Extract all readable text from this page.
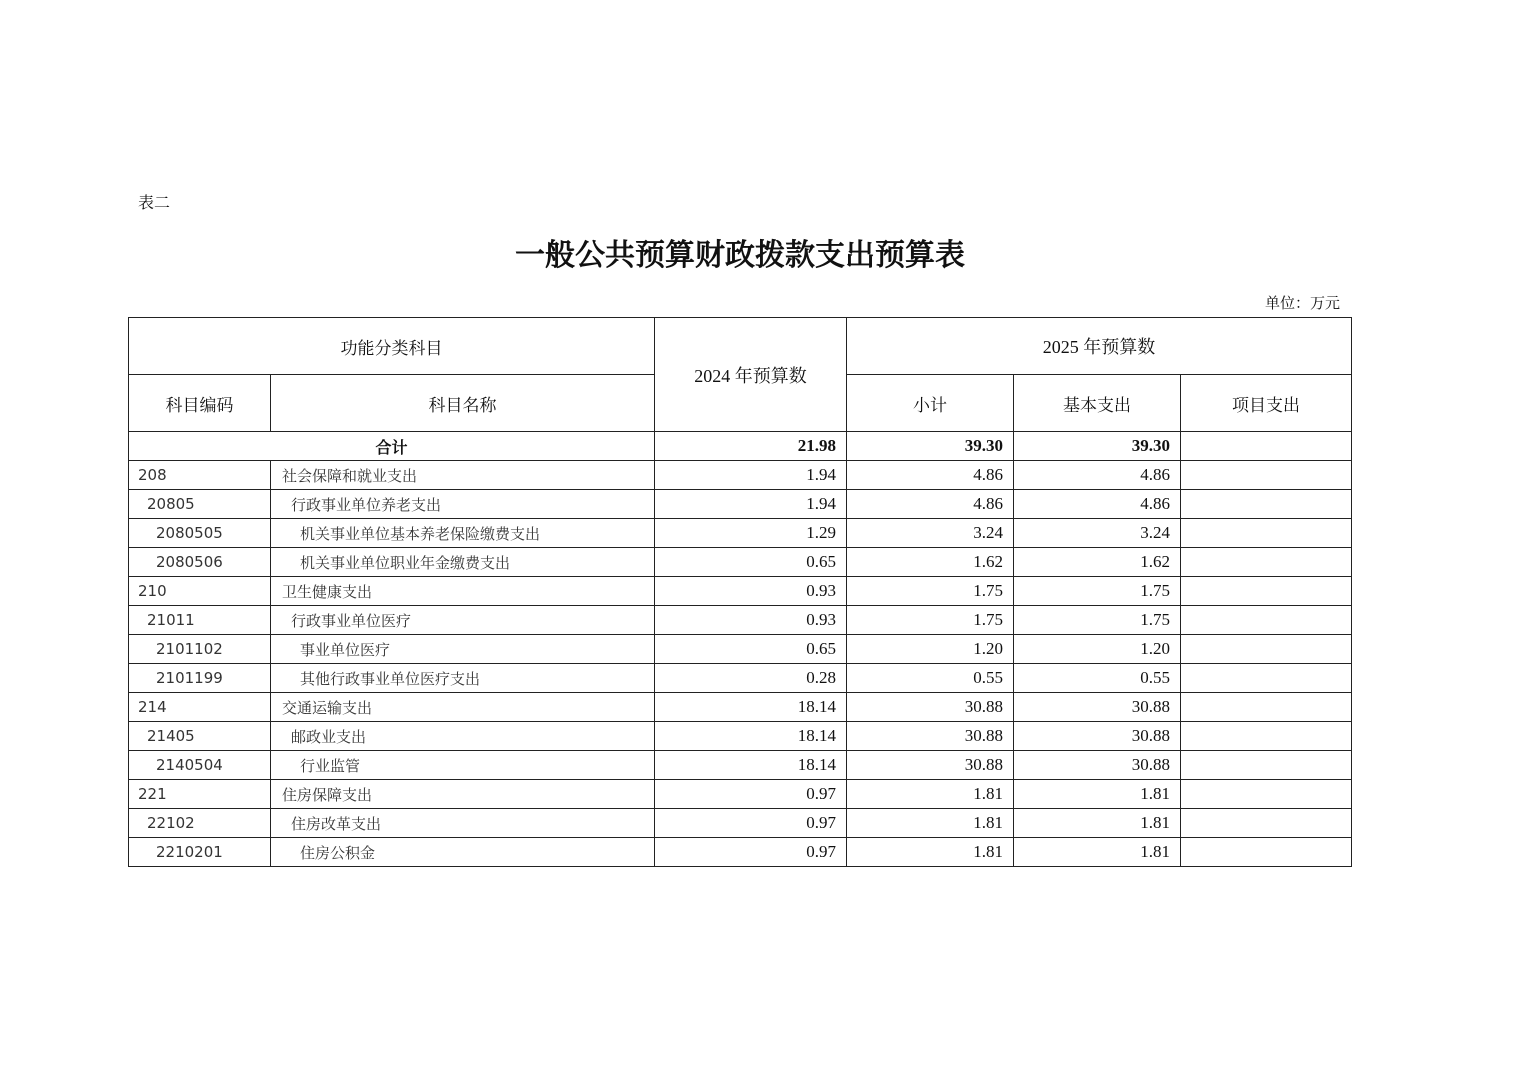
表二
一般公共预算财政拨款支出预算表
单位：万元
功能分类科目		2024 年预算数	2025 年预算数		
科目编码	科目名称		小计	基本支出	项目支出
合计		21.98	39.30	39.30	
208	社会保障和就业支出	1.94	4.86	4.86	
20805	行政事业单位养老支出	1.94	4.86	4.86	
2080505	机关事业单位基本养老保险缴费支出	1.29	3.24	3.24	
2080506	机关事业单位职业年金缴费支出	0.65	1.62	1.62	
210	卫生健康支出	0.93	1.75	1.75	
21011	行政事业单位医疗	0.93	1.75	1.75	
2101102	事业单位医疗	0.65	1.20	1.20	
2101199	其他行政事业单位医疗支出	0.28	0.55	0.55	
214	交通运输支出	18.14	30.88	30.88	
21405	邮政业支出	18.14	30.88	30.88	
2140504	行业监管	18.14	30.88	30.88	
221	住房保障支出	0.97	1.81	1.81	
22102	住房改革支出	0.97	1.81	1.81	
2210201	住房公积金	0.97	1.81	1.81	
